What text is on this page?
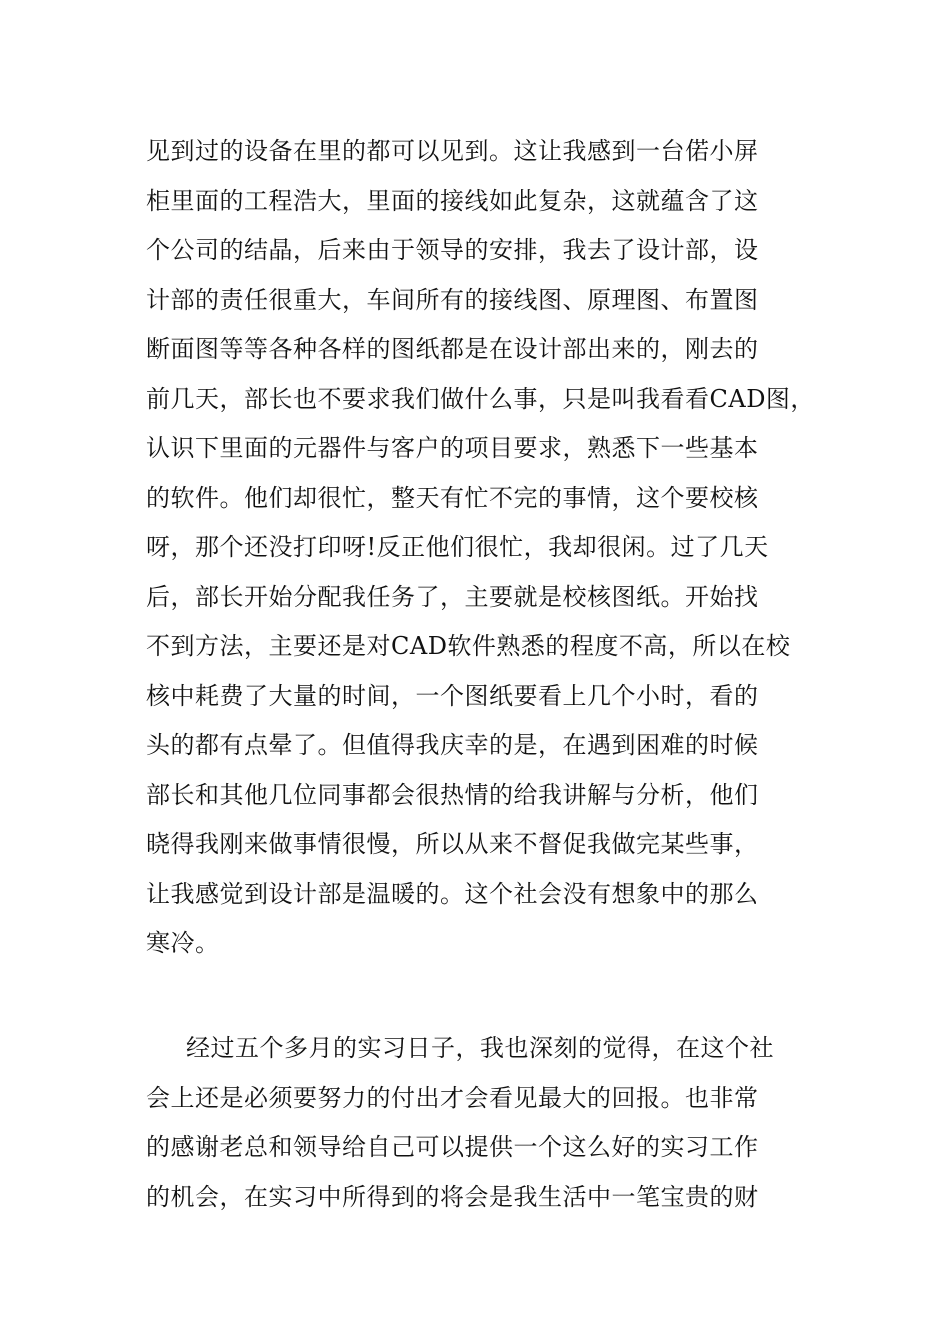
见到过的设备在里的都可以见到。这让我感到一台偌小屏
柜里面的工程浩大，里面的接线如此复杂，这就蕴含了这
个公司的结晶，后来由于领导的安排，我去了设计部，设
计部的责任很重大，车间所有的接线图、原理图、布置图
断面图等等各种各样的图纸都是在设计部出来的，刚去的
前几天，部长也不要求我们做什么事，只是叫我看看CAD图，
认识下里面的元器件与客户的项目要求，熟悉下一些基本
的软件。他们却很忙，整天有忙不完的事情，这个要校核
呀，那个还没打印呀!反正他们很忙，我却很闲。过了几天
后，部长开始分配我任务了，主要就是校核图纸。开始找
不到方法，主要还是对CAD软件熟悉的程度不高，所以在校
核中耗费了大量的时间，一个图纸要看上几个小时，看的
头的都有点晕了。但值得我庆幸的是，在遇到困难的时候
部长和其他几位同事都会很热情的给我讲解与分析，他们
晓得我刚来做事情很慢，所以从来不督促我做完某些事，
让我感觉到设计部是温暖的。这个社会没有想象中的那么
寒冷。
经过五个多月的实习日子，我也深刻的觉得，在这个社
会上还是必须要努力的付出才会看见最大的回报。也非常
的感谢老总和领导给自己可以提供一个这么好的实习工作
的机会，在实习中所得到的将会是我生活中一笔宝贵的财
